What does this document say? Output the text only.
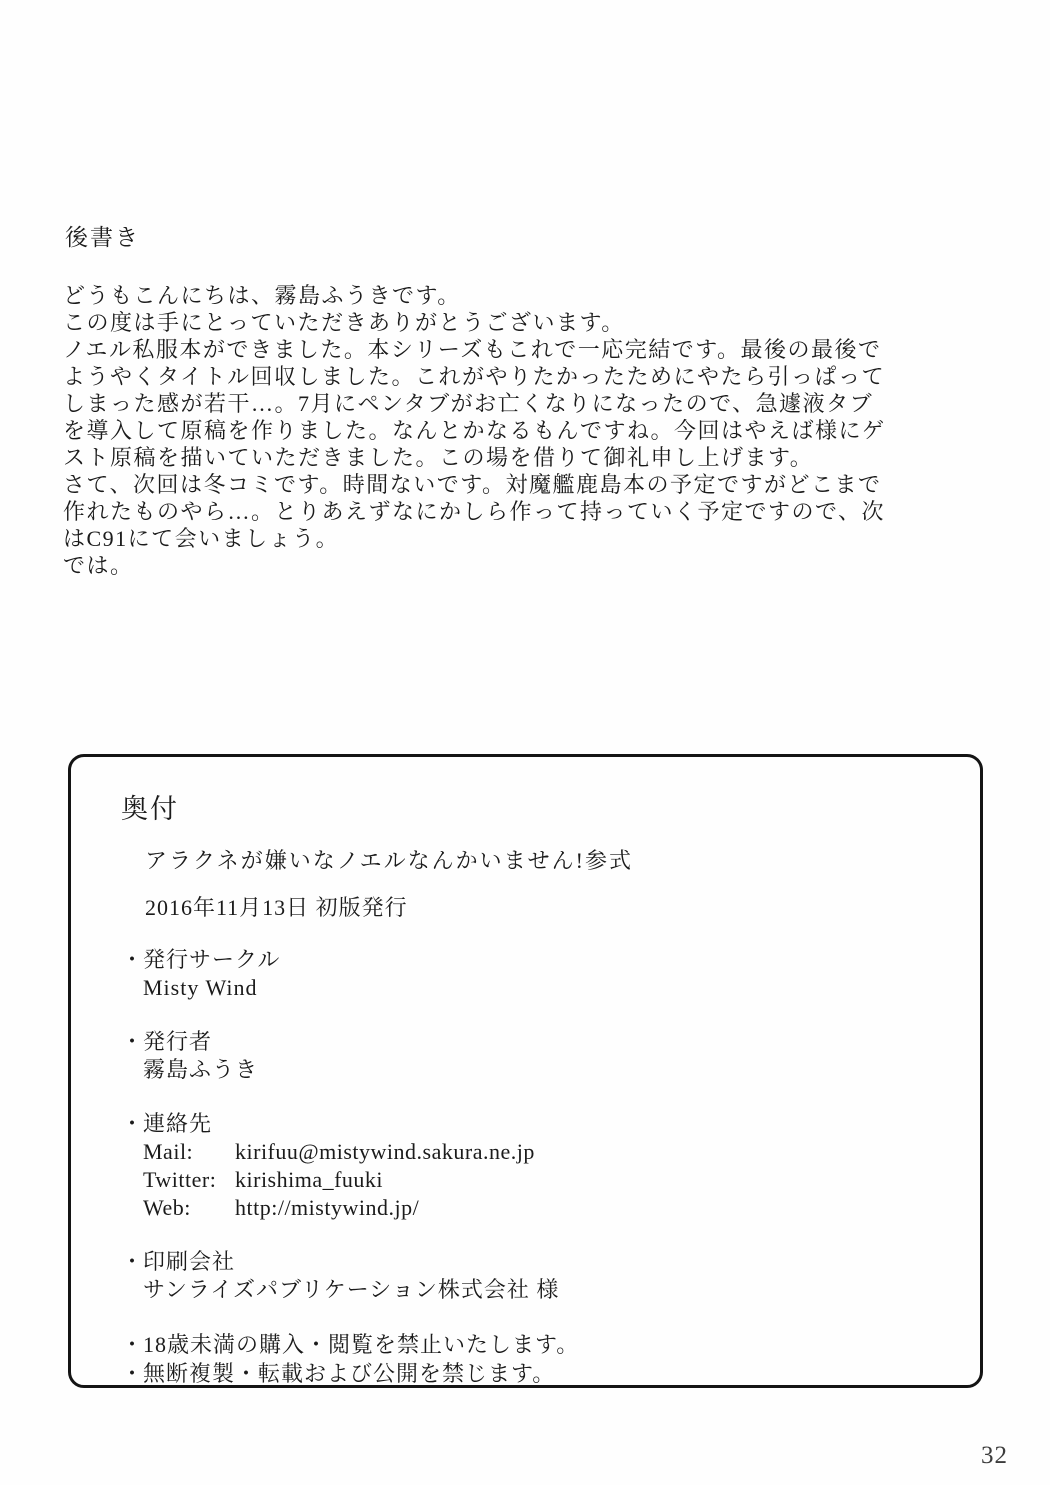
後書き
どうもこんにちは、霧島ふうきです。
この度は手にとっていただきありがとうございます。
ノエル私服本ができました。本シリーズもこれで一応完結です。最後の最後で
ようやくタイトル回収しました。これがやりたかったためにやたら引っぱって
しまった感が若干…。7月にペンタブがお亡くなりになったので、急遽液タブ
を導入して原稿を作りました。なんとかなるもんですね。今回はやえば様にゲ
スト原稿を描いていただきました。この場を借りて御礼申し上げます。
さて、次回は冬コミです。時間ないです。対魔艦鹿島本の予定ですがどこまで
作れたものやら…。とりあえずなにかしら作って持っていく予定ですので、次
はC91にて会いましょう。
では。
奥付
アラクネが嫌いなノエルなんかいません!参式
2016年11月13日 初版発行
・
発行サークル
Misty Wind
・
発行者
霧島ふうき
・
連絡先
Mail: kirifuu@mistywind.sakura.ne.jp
Twitter: kirishima_fuuki
Web: http://mistywind.jp/
・
印刷会社
サンライズパブリケーション株式会社 様
・
18歳未満の購入・閲覧を禁止いたします。
・
無断複製・転載および公開を禁じます。
32
